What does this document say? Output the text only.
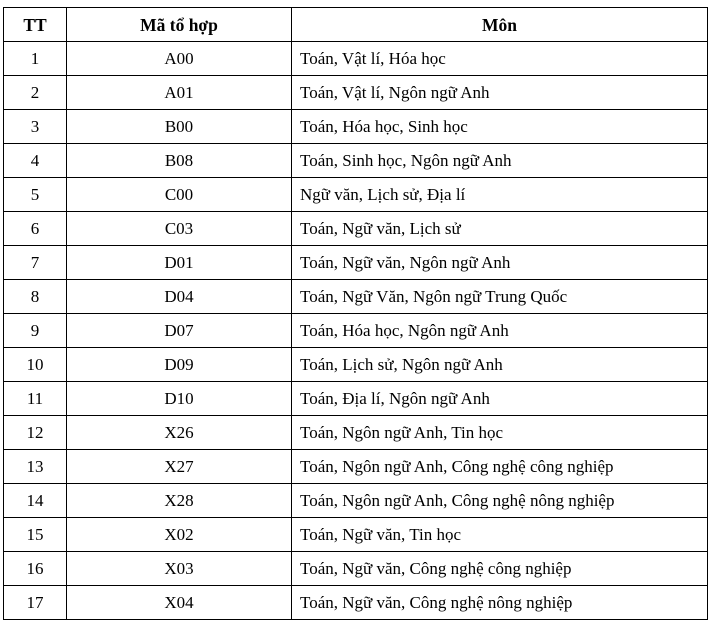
TT	Mã tổ hợp	Môn
1	A00	Toán, Vật lí, Hóa học
2	A01	Toán, Vật lí, Ngôn ngữ Anh
3	B00	Toán, Hóa học, Sinh học
4	B08	Toán, Sinh học, Ngôn ngữ Anh
5	C00	Ngữ văn, Lịch sử, Địa lí
6	C03	Toán, Ngữ văn, Lịch sử
7	D01	Toán, Ngữ văn, Ngôn ngữ Anh
8	D04	Toán, Ngữ Văn, Ngôn ngữ Trung Quốc
9	D07	Toán, Hóa học, Ngôn ngữ Anh
10	D09	Toán, Lịch sử, Ngôn ngữ Anh
11	D10	Toán, Địa lí, Ngôn ngữ Anh
12	X26	Toán, Ngôn ngữ Anh, Tin học
13	X27	Toán, Ngôn ngữ Anh, Công nghệ công nghiệp
14	X28	Toán, Ngôn ngữ Anh, Công nghệ nông nghiệp
15	X02	Toán, Ngữ văn, Tin học
16	X03	Toán, Ngữ văn, Công nghệ công nghiệp
17	X04	Toán, Ngữ văn, Công nghệ nông nghiệp
